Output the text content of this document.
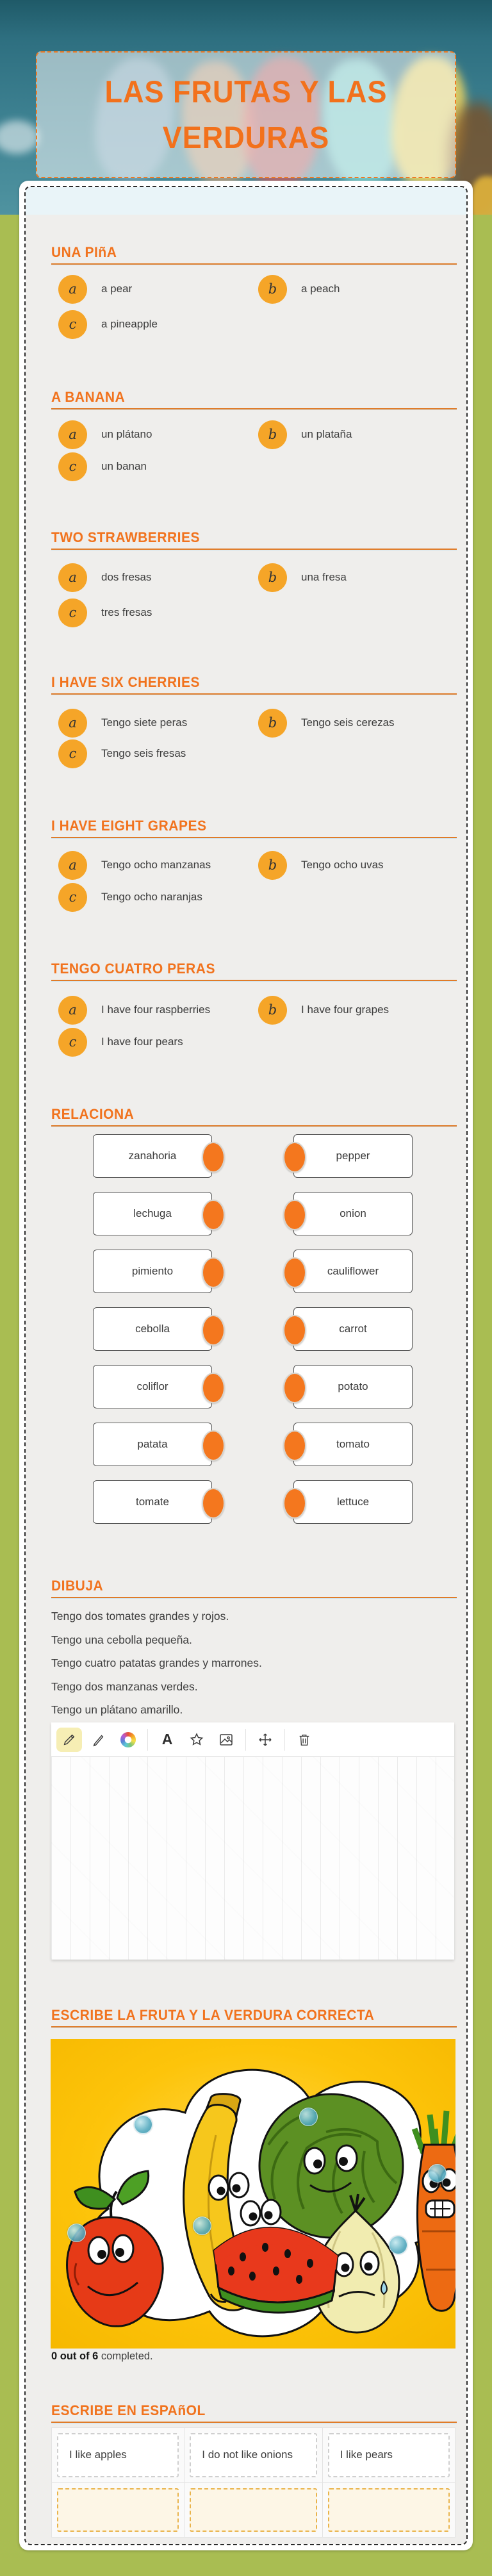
LAS FRUTAS Y LAS
VERDURAS
UNA PIñA
a	a pear	b	a peach
c	a pineapple
A BANANA
a	un plátano	b	un plataña
c	un banan
TWO STRAWBERRIES
a	dos fresas	b	una fresa
c	tres fresas
I HAVE SIX CHERRIES
a	Tengo siete peras	b	Tengo seis cerezas
c	Tengo seis fresas
I HAVE EIGHT GRAPES
a	Tengo ocho manzanas	b	Tengo ocho uvas
c	Tengo ocho naranjas
TENGO CUATRO PERAS
a	I have four raspberries	b	I have four grapes
c	I have four pears
RELACIONA
zanahoria	pepper
lechuga	onion
pimiento	cauliflower
cebolla	carrot
coliflor	potato
patata	tomato
tomate	lettuce
DIBUJA
Tengo dos tomates grandes y rojos.
Tengo una cebolla pequeña.
Tengo cuatro patatas grandes y marrones.
Tengo dos manzanas verdes.
Tengo un plátano amarillo.
A
ESCRIBE LA FRUTA Y LA VERDURA CORRECTA
0 out of 6 completed.
ESCRIBE EN ESPAñOL
I like apples	I do not like onions	I like pears
